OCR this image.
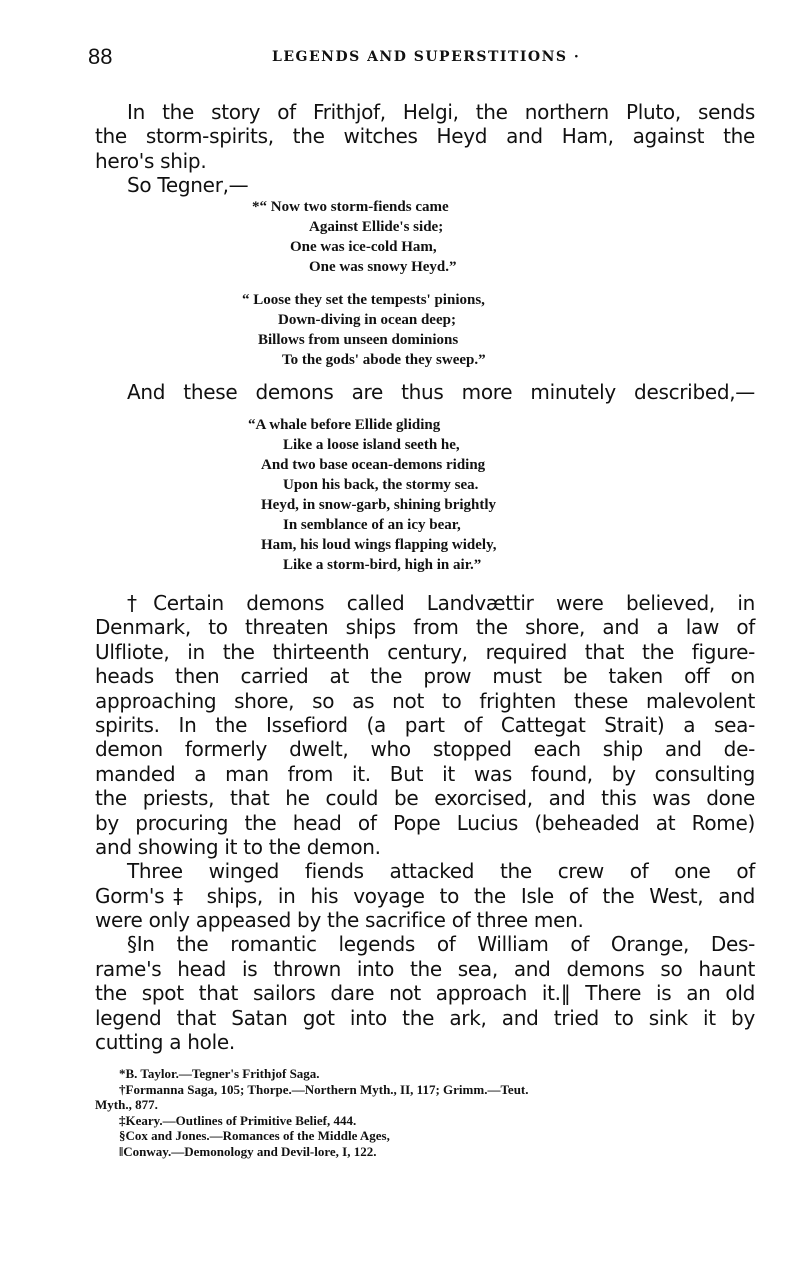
88	LEGENDS AND SUPERSTITIONS ·
In the story of Frithjof, Helgi, the northern Pluto, sends
the storm-spirits, the witches Heyd and Ham, against the
hero's ship.
So Tegner,—
*“ Now two storm-fiends came
Against Ellide's side;
One was ice-cold Ham,
One was snowy Heyd.”
“ Loose they set the tempests' pinions,
Down-diving in ocean deep;
Billows from unseen dominions
To the gods' abode they sweep.”
And these demons are thus more minutely described,—
“A whale before Ellide gliding
Like a loose island seeth he,
And two base ocean-demons riding
Upon his back, the stormy sea.
Heyd, in snow-garb, shining brightly
In semblance of an icy bear,
Ham, his loud wings flapping widely,
Like a storm-bird, high in air.”
†Certain demons called Landvættir were believed, in
Denmark, to threaten ships from the shore, and a law of
Ulfliote, in the thirteenth century, required that the figure-
heads then carried at the prow must be taken off on
approaching shore, so as not to frighten these malevolent
spirits. In the Issefiord (a part of Cattegat Strait) a sea-
demon formerly dwelt, who stopped each ship and de-
manded a man from it. But it was found, by consulting
the priests, that he could be exorcised, and this was done
by procuring the head of Pope Lucius (beheaded at Rome)
and showing it to the demon.
Three winged fiends attacked the crew of one of
Gorm's‡ ships, in his voyage to the Isle of the West, and
were only appeased by the sacrifice of three men.
§In the romantic legends of William of Orange, Des-
rame's head is thrown into the sea, and demons so haunt
the spot that sailors dare not approach it.‖ There is an old
legend that Satan got into the ark, and tried to sink it by
cutting a hole.
*B. Taylor.—Tegner's Frithjof Saga.
†Formanna Saga, 105; Thorpe.—Northern Myth., II, 117; Grimm.—Teut.
Myth., 877.
‡Keary.—Outlines of Primitive Belief, 444.
§Cox and Jones.—Romances of the Middle Ages,
‖Conway.—Demonology and Devil-lore, I, 122.
